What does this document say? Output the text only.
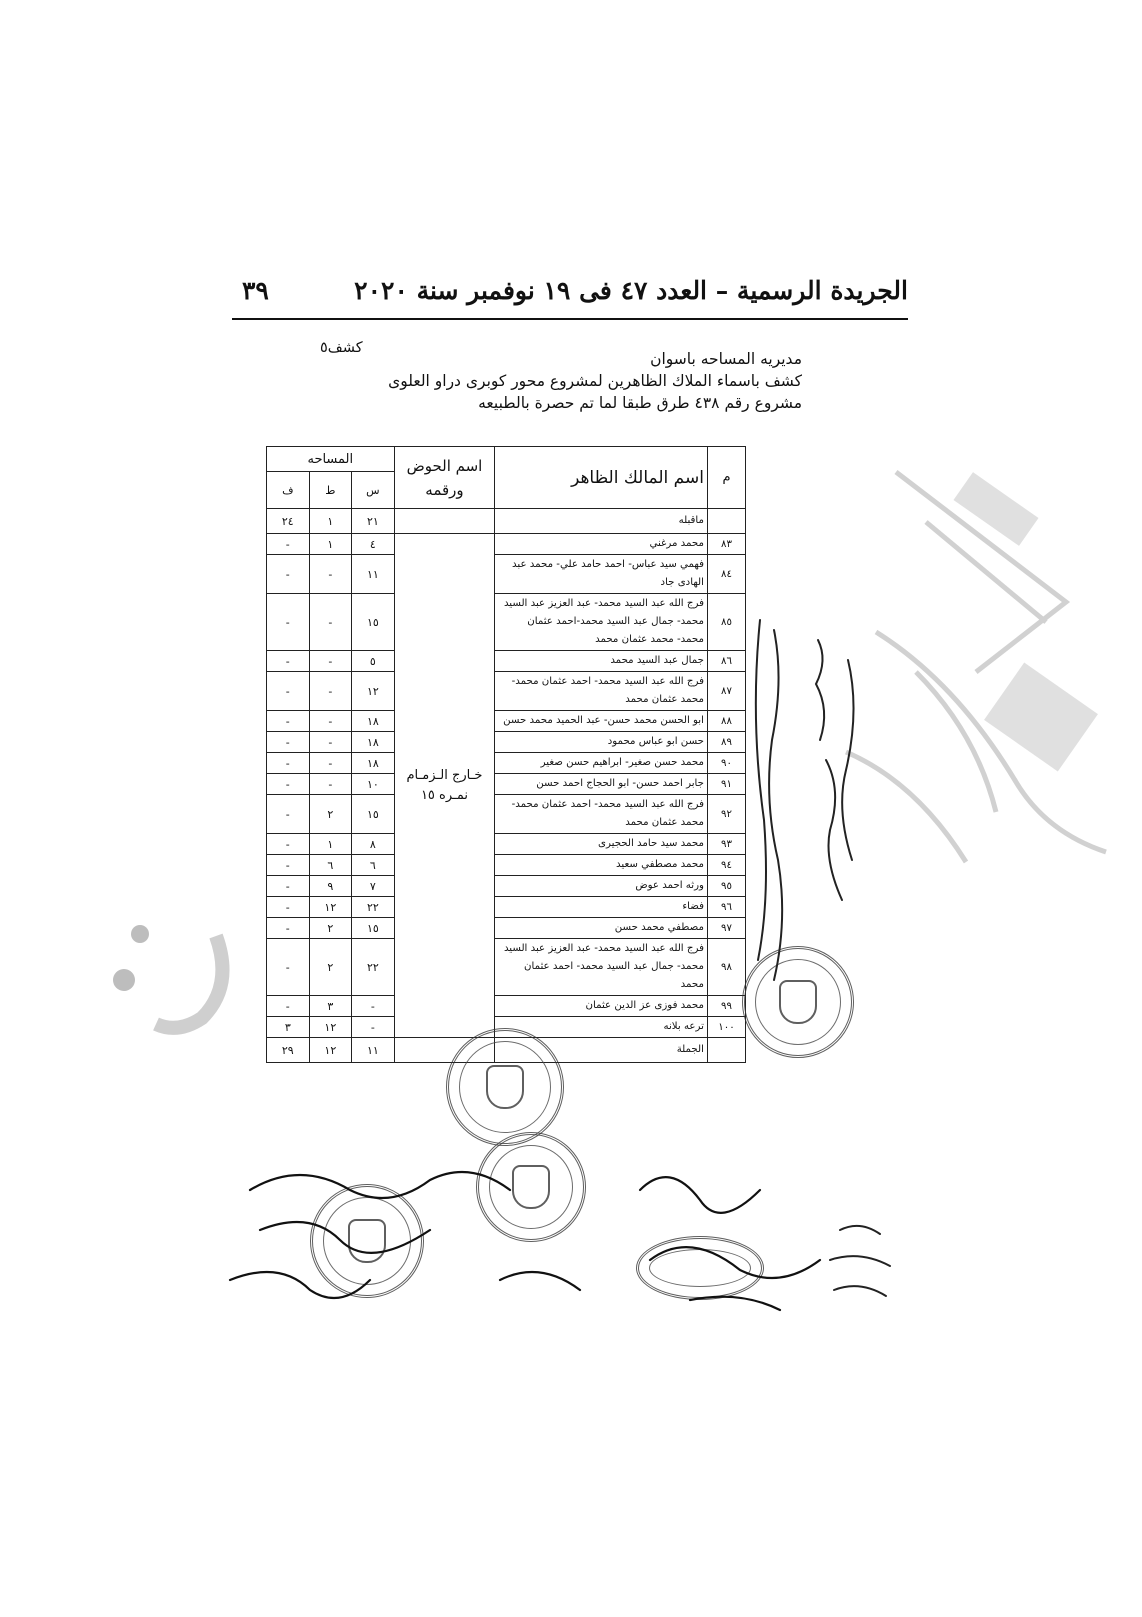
الجريدة الرسمية – العدد ٤٧ فى ١٩ نوفمبر سنة ٢٠٢٠
٣٩
مديريه المساحه باسوان
كشف باسماء الملاك الظاهرين لمشروع محور كوبرى دراو العلوى
مشروع رقم ٤٣٨ طرق طبقا لما تم حصرة بالطبيعه
كشف٥
م	اسم المالك الظاهر	اسم الحوض ورقمه	المساحه		
			س	ط	ف
	ماقبله		٢١	١	٢٤
٨٣	محمد مرغني	خـارج الـزمـام نمـره ١٥	٤	١	-
٨٤	فهمي سيد عباس- احمد حامد علي- محمد عبد الهادى جاد		١١	-	-
٨٥	فرج الله عبد السيد محمد- عبد العزيز عبد السيد محمد- جمال عبد السيد محمد-احمد عثمان محمد- محمد عثمان محمد		١٥	-	-
٨٦	جمال عبد السيد محمد		٥	-	-
٨٧	فرج الله عبد السيد محمد- احمد عثمان محمد- محمد عثمان محمد		١٢	-	-
٨٨	ابو الحسن محمد حسن- عبد الحميد محمد حسن		١٨	-	-
٨٩	حسن ابو عباس محمود		١٨	-	-
٩٠	محمد حسن صغير- ابراهيم حسن صغير		١٨	-	-
٩١	جابر احمد حسن- ابو الحجاج احمد حسن		١٠	-	-
٩٢	فرج الله عبد السيد محمد- احمد عثمان محمد-محمد عثمان محمد		١٥	٢	-
٩٣	محمد سيد حامد الحجيرى		٨	١	-
٩٤	محمد مصطفي سعيد		٦	٦	-
٩٥	ورثه احمد عوض		٧	٩	-
٩٦	فضاء		٢٢	١٢	-
٩٧	مصطفي محمد حسن		١٥	٢	-
٩٨	فرج الله عبد السيد محمد- عبد العزيز عبد السيد محمد- جمال عبد السيد محمد- احمد عثمان محمد		٢٢	٢	-
٩٩	محمد فوزى عز الدين عثمان		-	٣	-
١٠٠	ترعه بلانه		-	١٢	٣
	الجملة		١١	١٢	٢٩
